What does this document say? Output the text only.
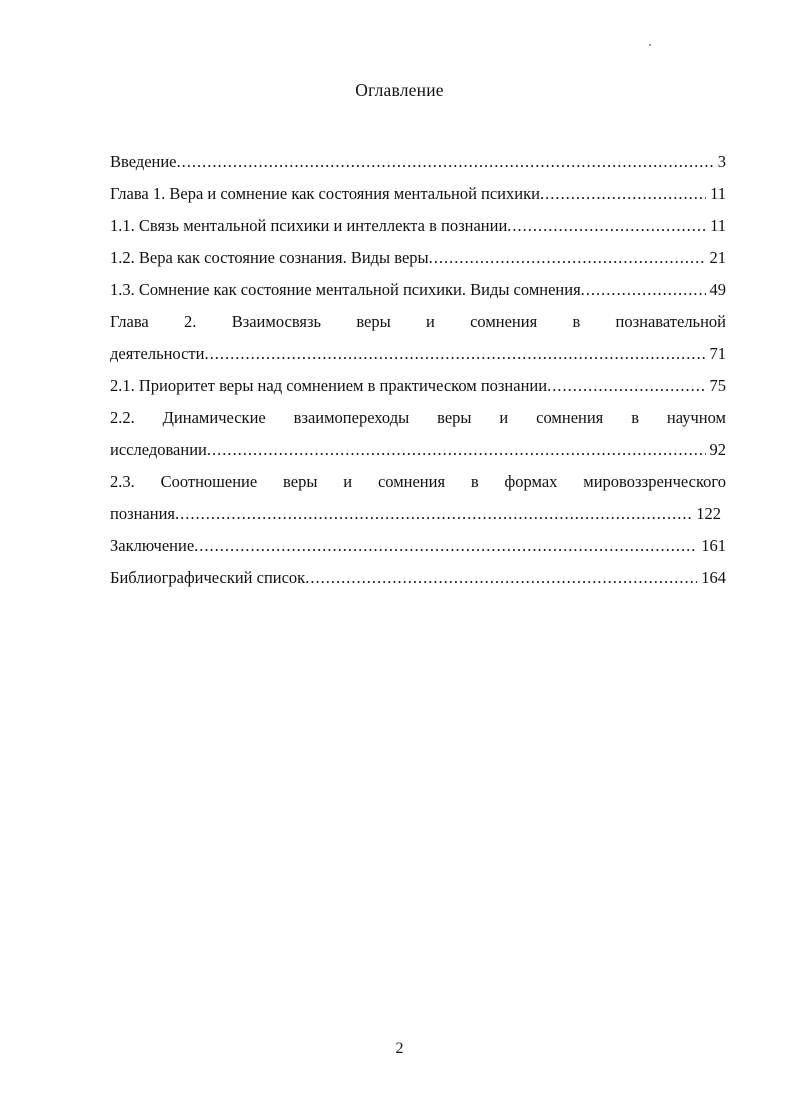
Оглавление
Введение .....	3
Глава 1. Вера и сомнение как состояния ментальной психики .....	11
1.1. Связь ментальной психики и интеллекта в познании .....	11
1.2. Вера как состояние сознания. Виды веры .....	21
1.3. Сомнение как состояние ментальной психики. Виды сомнения .....	49
Глава 2. Взаимосвязь веры и сомнения в познавательной
деятельности .....	71
2.1. Приоритет веры над сомнением в практическом познании .....	75
2.2. Динамические взаимопереходы веры и сомнения в научном
исследовании .....	92
2.3. Соотношение веры и сомнения в формах мировоззренческого
познания .....	122
Заключение .....	161
Библиографический список .....	164
2
